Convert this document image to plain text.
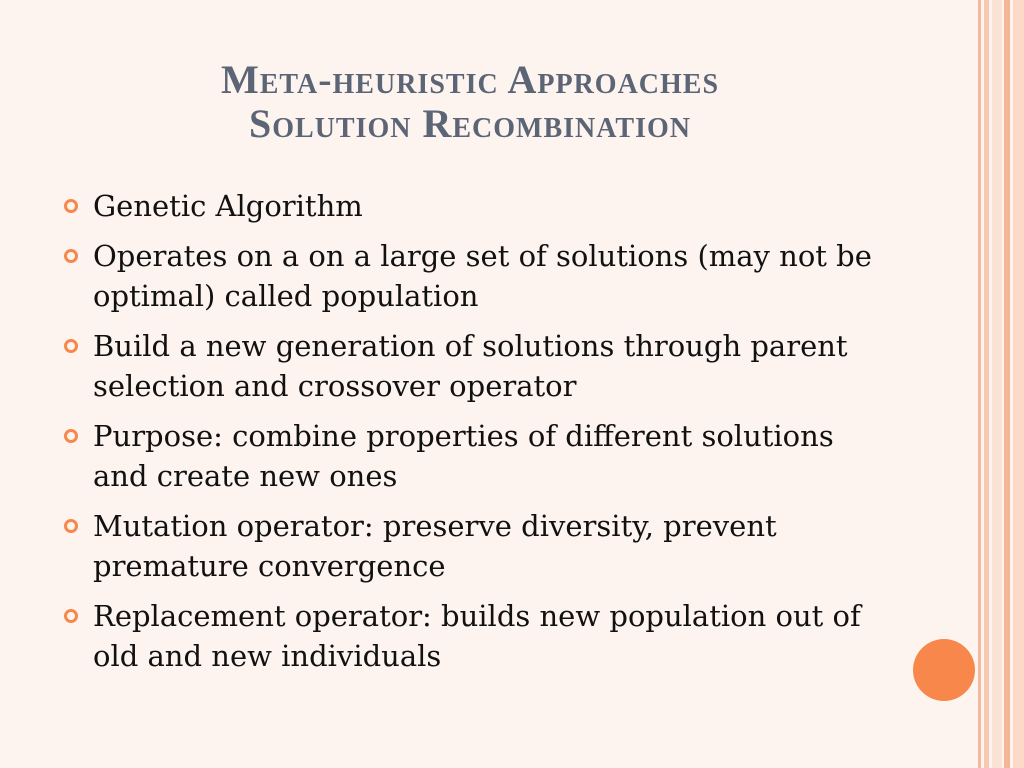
Meta-heuristic Approaches
Solution Recombination
Genetic Algorithm
Operates on a on a large set of solutions (may not be optimal) called population
Build a new generation of solutions through parent selection and crossover operator
Purpose: combine properties of different solutions and create new ones
Mutation operator: preserve diversity, prevent premature convergence
Replacement operator: builds new population out of old and new individuals
